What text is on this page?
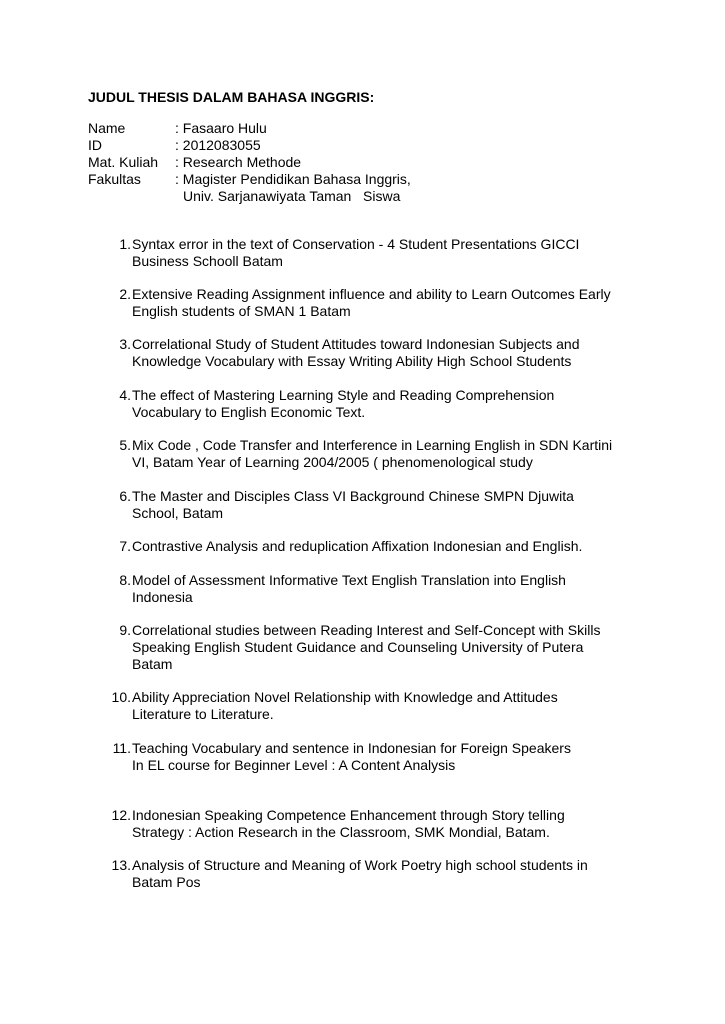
JUDUL THESIS DALAM BAHASA INGGRIS:
Name	: Fasaaro Hulu
ID	: 2012083055
Mat. Kuliah	: Research Methode
Fakultas	: Magister Pendidikan Bahasa Inggris,
Univ. Sarjanawiyata Taman   Siswa
1. Syntax error in the text of Conservation - 4 Student Presentations GICCI
Business Schooll Batam
2. Extensive Reading Assignment influence and ability to Learn Outcomes Early
English students of SMAN 1 Batam
3. Correlational Study of Student Attitudes toward Indonesian Subjects and
Knowledge Vocabulary with Essay Writing Ability High School Students
4. The effect of Mastering Learning Style and Reading Comprehension
Vocabulary to English Economic Text.
5. Mix Code , Code Transfer and Interference in Learning English in SDN Kartini
VI, Batam Year of Learning 2004/2005 ( phenomenological study
6. The Master and Disciples Class VI Background Chinese SMPN Djuwita
School, Batam
7. Contrastive Analysis and reduplication Affixation Indonesian and English.
8. Model of Assessment Informative Text English Translation into English
Indonesia
9. Correlational studies between Reading Interest and Self-Concept with Skills
Speaking English Student Guidance and Counseling University of Putera
Batam
10. Ability Appreciation Novel Relationship with Knowledge and Attitudes
Literature to Literature.
11. Teaching Vocabulary and sentence in Indonesian for Foreign Speakers
In EL course for Beginner Level : A Content Analysis
12. Indonesian Speaking Competence Enhancement through Story telling
Strategy : Action Research in the Classroom, SMK Mondial, Batam.
13. Analysis of Structure and Meaning of Work Poetry high school students in
Batam Pos
